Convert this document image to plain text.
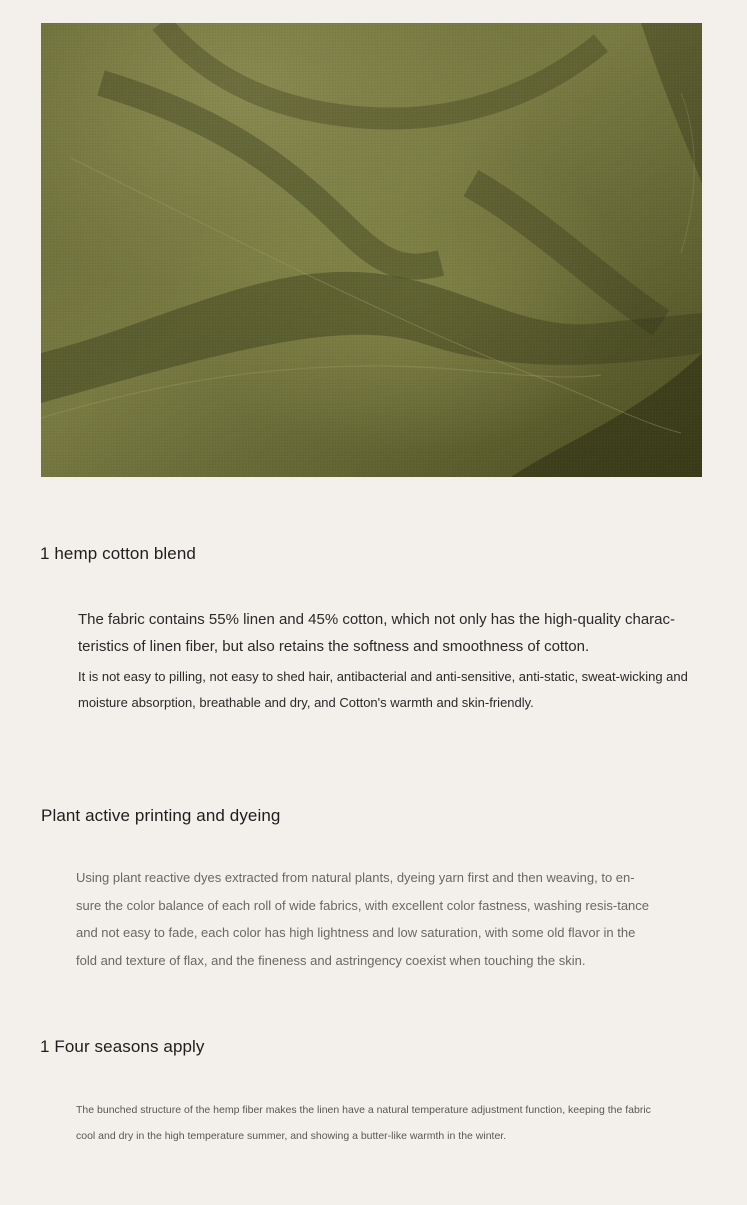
1 hemp cotton blend

The fabric contains 55% linen and 45% cotton, which not only has the high-quality charac-teristics of linen fiber, but also retains the softness and smoothness of cotton.

It is not easy to pilling, not easy to shed hair, antibacterial and anti-sensitive, anti-static, sweat-wicking and moisture absorption, breathable and dry, and Cotton's warmth and skin-friendly.

Plant active printing and dyeing
Using plant reactive dyes extracted from natural plants, dyeing yarn first and then weaving, to en-sure the color balance of each roll of wide fabrics, with excellent color fastness, washing resis-tance and not easy to fade, each color has high lightness and low saturation, with some old flavor in the fold and texture of flax, and the fineness and astringency coexist when touching the skin.
1 Four seasons apply
The bunched structure of the hemp fiber makes the linen have a natural temperature adjustment function, keeping the fabric cool and dry in the high temperature summer, and showing a butter-like warmth in the winter.
